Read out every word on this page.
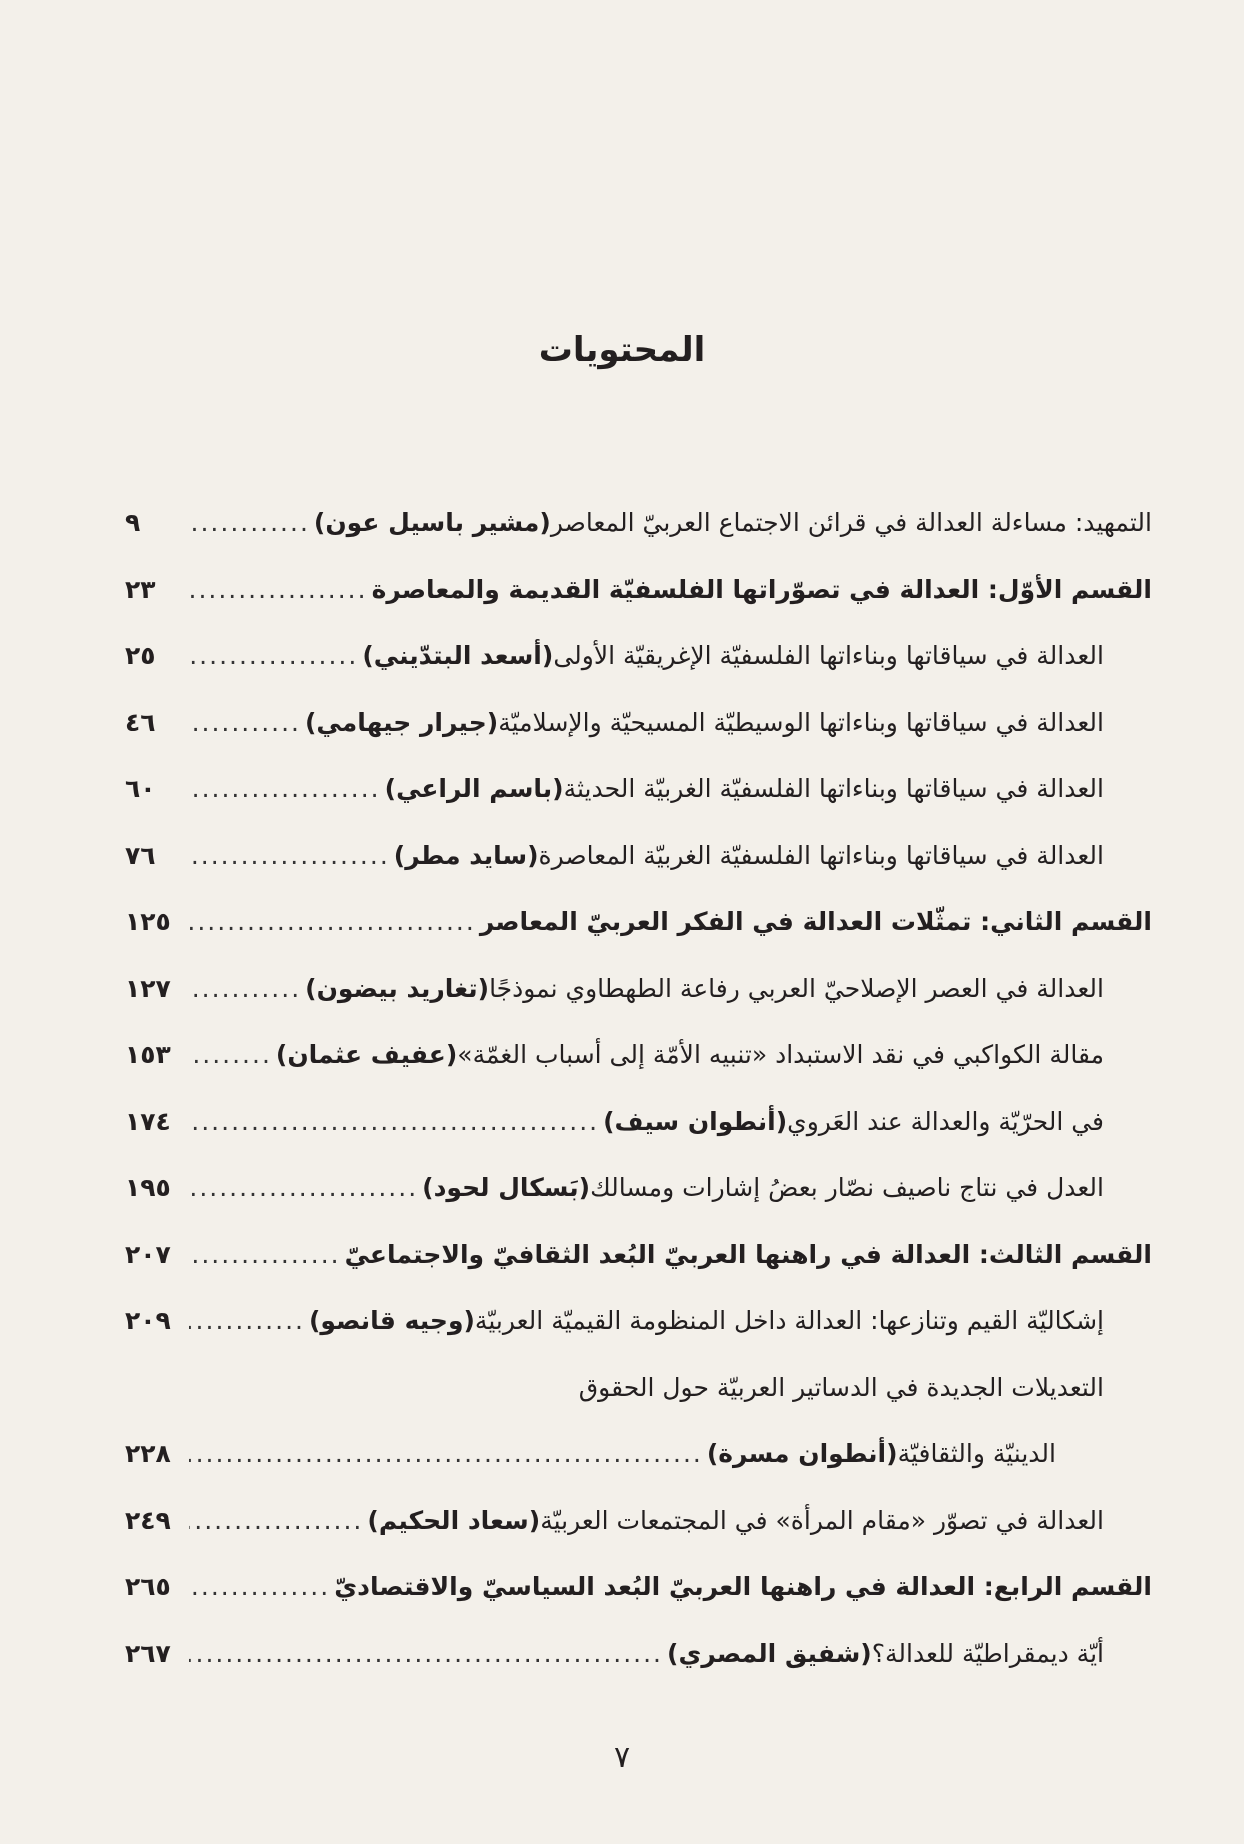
المحتويات
التمهيد: مساءلة العدالة في قرائن الاجتماع العربيّ المعاصر
(مشير باسيل عون)
.....
٩
القسم الأوّل: العدالة في تصوّراتها الفلسفيّة القديمة والمعاصرة
.....
٢٣
العدالة في سياقاتها وبناءاتها الفلسفيّة الإغريقيّة الأولى
(أسعد البتدّيني)
.....
٢٥
العدالة في سياقاتها وبناءاتها الوسيطيّة المسيحيّة والإسلاميّة
(جيرار جيهامي)
.....
٤٦
العدالة في سياقاتها وبناءاتها الفلسفيّة الغربيّة الحديثة
(باسم الراعي)
.....
٦٠
العدالة في سياقاتها وبناءاتها الفلسفيّة الغربيّة المعاصرة
(سايد مطر)
.....
٧٦
القسم الثاني: تمثّلات العدالة في الفكر العربيّ المعاصر
.....
١٢٥
العدالة في العصر الإصلاحيّ العربي رفاعة الطهطاوي نموذجًا
(تغاريد بيضون)
.....
١٢٧
مقالة الكواكبي في نقد الاستبداد «تنبيه الأمّة إلى أسباب الغمّة»
(عفيف عثمان)
.....
١٥٣
في الحرّيّة والعدالة عند العَروي
(أنطوان سيف)
.....
١٧٤
العدل في نتاج ناصيف نصّار بعضُ إشارات ومسالك
(بَسكال لحود)
.....
١٩٥
القسم الثالث: العدالة في راهنها العربيّ البُعد الثقافيّ والاجتماعيّ
.....
٢٠٧
إشكاليّة القيم وتنازعها: العدالة داخل المنظومة القيميّة العربيّة
(وجيه قانصو)
.....
٢٠٩
التعديلات الجديدة في الدساتير العربيّة حول الحقوق
الدينيّة والثقافيّة
(أنطوان مسرة)
.....
٢٢٨
العدالة في تصوّر «مقام المرأة» في المجتمعات العربيّة
(سعاد الحكيم)
.....
٢٤٩
القسم الرابع: العدالة في راهنها العربيّ البُعد السياسيّ والاقتصاديّ
.....
٢٦٥
أيّة ديمقراطيّة للعدالة؟
(شفيق المصري)
.....
٢٦٧
٧
